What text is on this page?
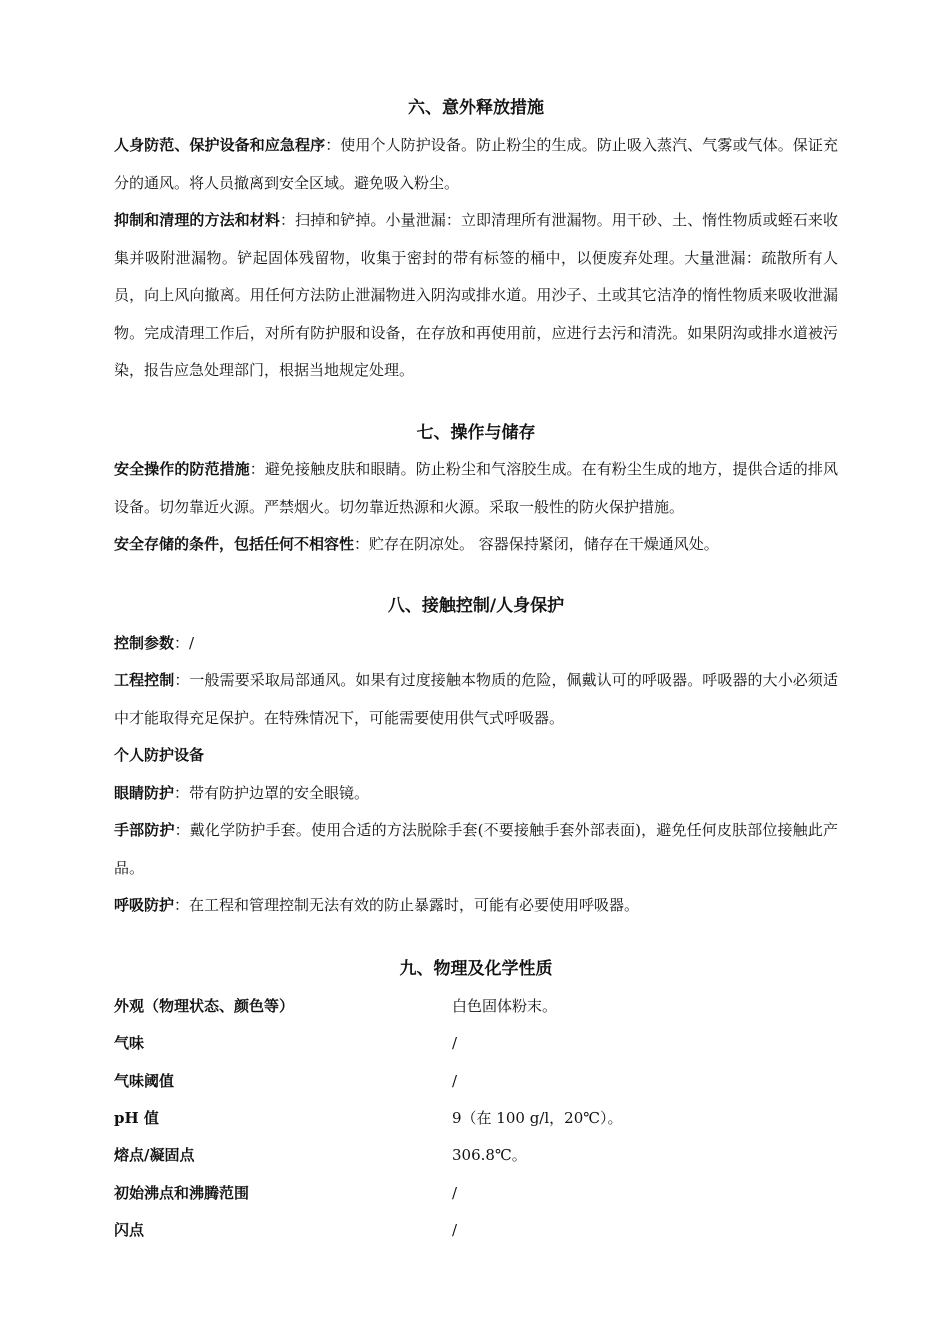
六、意外释放措施

人身防范、保护设备和应急程序：使用个人防护设备。防止粉尘的生成。防止吸入蒸汽、气雾或气体。保证充分的通风。将人员撤离到安全区域。避免吸入粉尘。

抑制和清理的方法和材料：扫掉和铲掉。小量泄漏：立即清理所有泄漏物。用干砂、土、惰性物质或蛭石来收集并吸附泄漏物。铲起固体残留物，收集于密封的带有标签的桶中，以便废弃处理。大量泄漏：疏散所有人员，向上风向撤离。用任何方法防止泄漏物进入阴沟或排水道。用沙子、土或其它洁净的惰性物质来吸收泄漏物。完成清理工作后，对所有防护服和设备，在存放和再使用前，应进行去污和清洗。如果阴沟或排水道被污染，报告应急处理部门，根据当地规定处理。

七、操作与储存

安全操作的防范措施：避免接触皮肤和眼睛。防止粉尘和气溶胶生成。在有粉尘生成的地方，提供合适的排风设备。切勿靠近火源。严禁烟火。切勿靠近热源和火源。采取一般性的防火保护措施。

安全存储的条件，包括任何不相容性：贮存在阴凉处。 容器保持紧闭，储存在干燥通风处。

八、接触控制/人身保护

控制参数：/

工程控制：一般需要采取局部通风。如果有过度接触本物质的危险，佩戴认可的呼吸器。呼吸器的大小必须适中才能取得充足保护。在特殊情况下，可能需要使用供气式呼吸器。

个人防护设备

眼睛防护：带有防护边罩的安全眼镜。

手部防护：戴化学防护手套。使用合适的方法脱除手套(不要接触手套外部表面)，避免任何皮肤部位接触此产品。

呼吸防护：在工程和管理控制无法有效的防止暴露时，可能有必要使用呼吸器。

九、物理及化学性质
外观（物理状态、颜色等）	白色固体粉末。
气味	/
气味阈值	/
pH 值	9（在 100 g/l，20℃）。
熔点/凝固点	306.8℃。
初始沸点和沸腾范围	/
闪点	/
